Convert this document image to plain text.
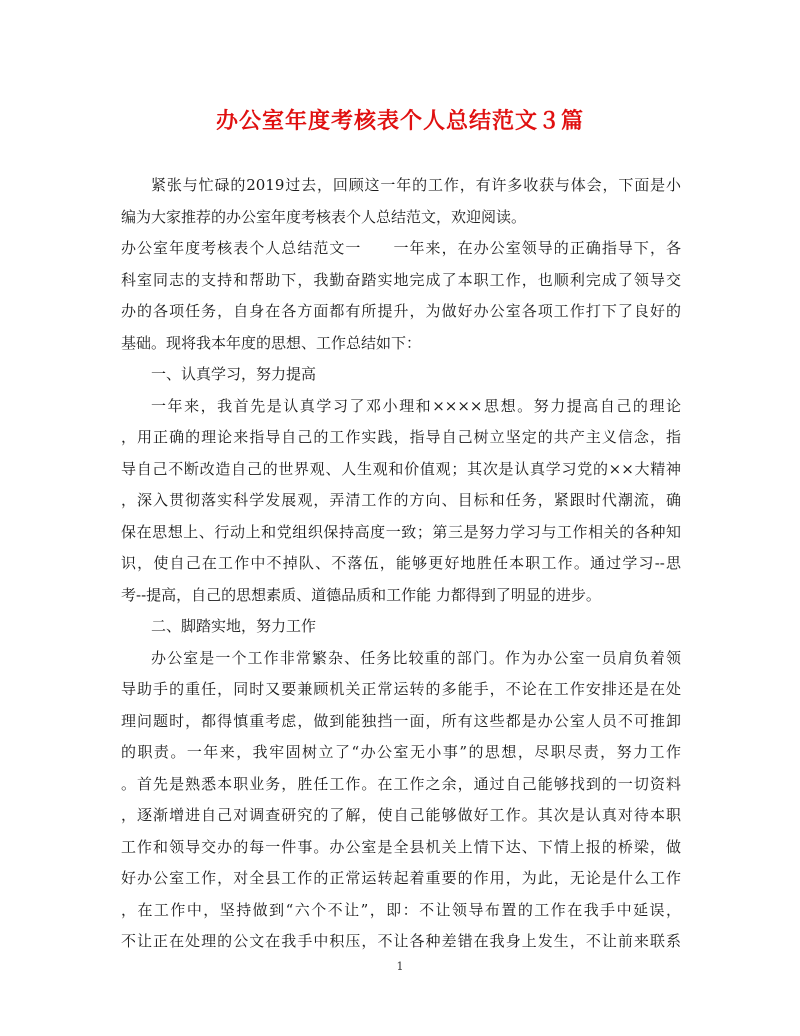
办公室年度考核表个人总结范文３篇
紧张与忙碌的2019过去，回顾这一年的工作，有许多收获与体会，下面是小
编为大家推荐的办公室年度考核表个人总结范文，欢迎阅读。
办公室年度考核表个人总结范文一　　一年来，在办公室领导的正确指导下，各
科室同志的支持和帮助下，我勤奋踏实地完成了本职工作，也顺利完成了领导交
办的各项任务，自身在各方面都有所提升，为做好办公室各项工作打下了良好的
基础。现将我本年度的思想、工作总结如下：
一、认真学习，努力提高
一年来，我首先是认真学习了邓小理和××××思想。努力提高自己的理论
，用正确的理论来指导自己的工作实践，指导自己树立坚定的共产主义信念，指
导自己不断改造自己的世界观、人生观和价值观；其次是认真学习党的××大精神
，深入贯彻落实科学发展观，弄清工作的方向、目标和任务，紧跟时代潮流，确
保在思想上、行动上和党组织保持高度一致；第三是努力学习与工作相关的各种知
识，使自己在工作中不掉队、不落伍，能够更好地胜任本职工作。通过学习--思
考--提高，自己的思想素质、道德品质和工作能 力都得到了明显的进步。
二、脚踏实地，努力工作
办公室是一个工作非常繁杂、任务比较重的部门。作为办公室一员肩负着领
导助手的重任，同时又要兼顾机关正常运转的多能手，不论在工作安排还是在处
理问题时，都得慎重考虑，做到能独挡一面，所有这些都是办公室人员不可推卸
的职责。一年来，我牢固树立了“办公室无小事”的思想，尽职尽责，努力工作
。首先是熟悉本职业务，胜任工作。在工作之余，通过自己能够找到的一切资料
，逐渐增进自己对调查研究的了解，使自己能够做好工作。其次是认真对待本职
工作和领导交办的每一件事。办公室是全县机关上情下达、下情上报的桥梁，做
好办公室工作，对全县工作的正常运转起着重要的作用，为此，无论是什么工作
，在工作中，坚持做到“六个不让”，即：不让领导布置的工作在我手中延误，
不让正在处理的公文在我手中积压，不让各种差错在我身上发生，不让前来联系
1
